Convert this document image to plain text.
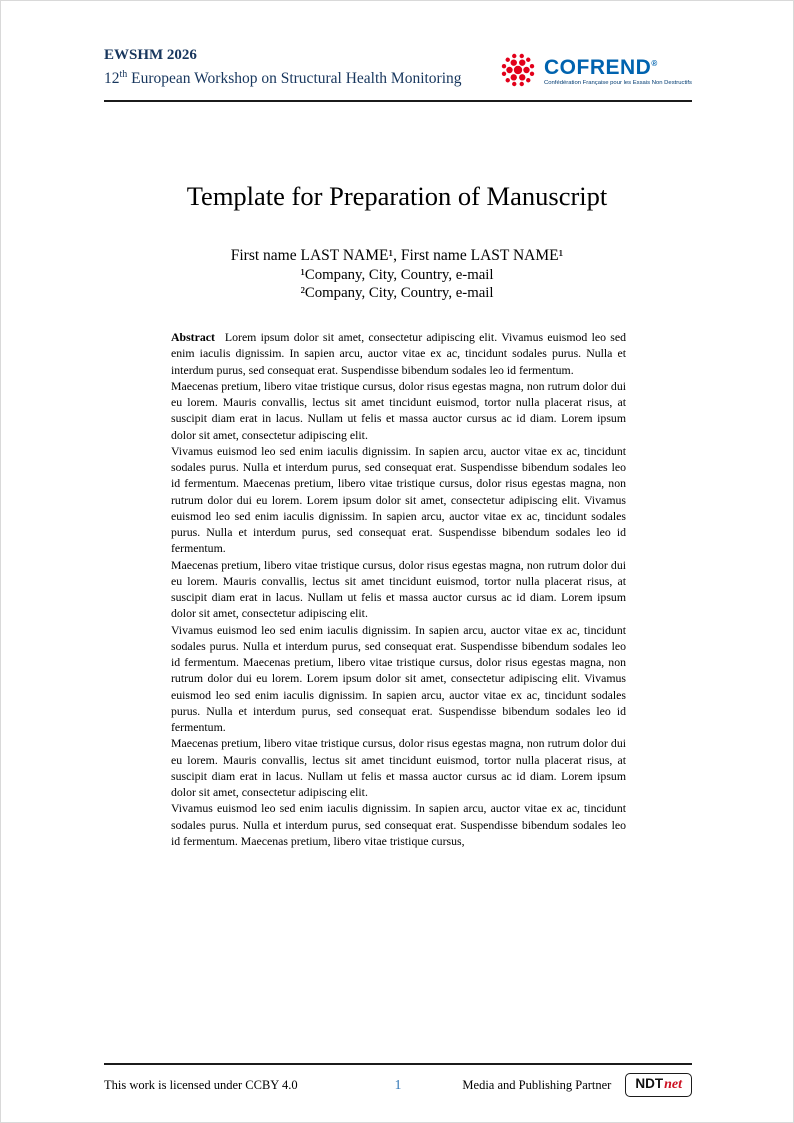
EWSHM 2026
12th European Workshop on Structural Health Monitoring	COFREND®
Confédération Française pour les Essais Non Destructifs
Template for Preparation of Manuscript
First name LAST NAME¹, First name LAST NAME¹
¹Company, City, Country, e-mail
²Company, City, Country, e-mail

Abstract Lorem ipsum dolor sit amet, consectetur adipiscing elit. Vivamus euismod leo sed enim iaculis dignissim. In sapien arcu, auctor vitae ex ac, tincidunt sodales purus. Nulla et interdum purus, sed consequat erat. Suspendisse bibendum sodales leo id fermentum.

Maecenas pretium, libero vitae tristique cursus, dolor risus egestas magna, non rutrum dolor dui eu lorem. Mauris convallis, lectus sit amet tincidunt euismod, tortor nulla placerat risus, at suscipit diam erat in lacus. Nullam ut felis et massa auctor cursus ac id diam. Lorem ipsum dolor sit amet, consectetur adipiscing elit.

Vivamus euismod leo sed enim iaculis dignissim. In sapien arcu, auctor vitae ex ac, tincidunt sodales purus. Nulla et interdum purus, sed consequat erat. Suspendisse bibendum sodales leo id fermentum. Maecenas pretium, libero vitae tristique cursus, dolor risus egestas magna, non rutrum dolor dui eu lorem. Lorem ipsum dolor sit amet, consectetur adipiscing elit. Vivamus euismod leo sed enim iaculis dignissim. In sapien arcu, auctor vitae ex ac, tincidunt sodales purus. Nulla et interdum purus, sed consequat erat. Suspendisse bibendum sodales leo id fermentum.

Maecenas pretium, libero vitae tristique cursus, dolor risus egestas magna, non rutrum dolor dui eu lorem. Mauris convallis, lectus sit amet tincidunt euismod, tortor nulla placerat risus, at suscipit diam erat in lacus. Nullam ut felis et massa auctor cursus ac id diam. Lorem ipsum dolor sit amet, consectetur adipiscing elit.

Vivamus euismod leo sed enim iaculis dignissim. In sapien arcu, auctor vitae ex ac, tincidunt sodales purus. Nulla et interdum purus, sed consequat erat. Suspendisse bibendum sodales leo id fermentum. Maecenas pretium, libero vitae tristique cursus, dolor risus egestas magna, non rutrum dolor dui eu lorem. Lorem ipsum dolor sit amet, consectetur adipiscing elit. Vivamus euismod leo sed enim iaculis dignissim. In sapien arcu, auctor vitae ex ac, tincidunt sodales purus. Nulla et interdum purus, sed consequat erat. Suspendisse bibendum sodales leo id fermentum.

Maecenas pretium, libero vitae tristique cursus, dolor risus egestas magna, non rutrum dolor dui eu lorem. Mauris convallis, lectus sit amet tincidunt euismod, tortor nulla placerat risus, at suscipit diam erat in lacus. Nullam ut felis et massa auctor cursus ac id diam. Lorem ipsum dolor sit amet, consectetur adipiscing elit.

Vivamus euismod leo sed enim iaculis dignissim. In sapien arcu, auctor vitae ex ac, tincidunt sodales purus. Nulla et interdum purus, sed consequat erat. Suspendisse bibendum sodales leo id fermentum. Maecenas pretium, libero vitae tristique cursus,

This work is licensed under CCBY 4.0	1	Media and Publishing Partner NDT net
